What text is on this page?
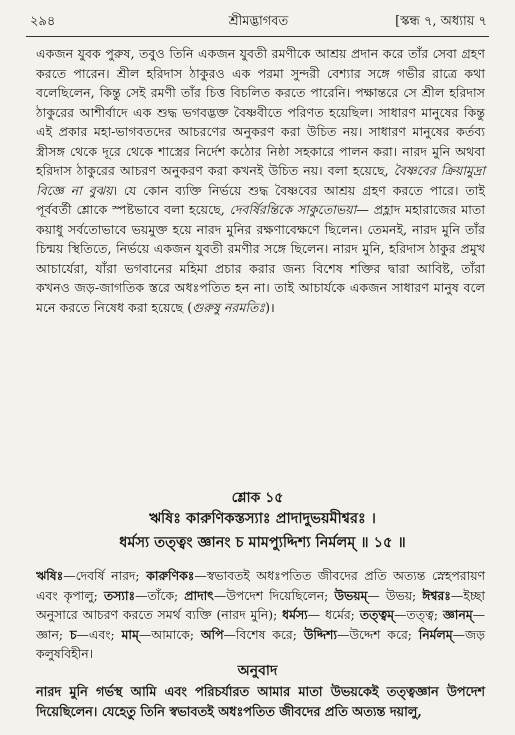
২৯৪	শ্রীমদ্ভাগবত	[স্কন্ধ ৭, অধ্যায় ৭

একজন যুবক পুরুষ, তবুও তিনি একজন যুবতী রমণীকে আশ্রয় প্রদান করে তাঁর সেবা গ্রহণ করতে পারেন। শ্রীল হরিদাস ঠাকুরও এক পরমা সুন্দরী বেশ্যার সঙ্গে গভীর রাত্রে কথা বলেছিলেন, কিন্তু সেই রমণী তাঁর চিত্ত বিচলিত করতে পারেনি। পক্ষান্তরে সে শ্রীল হরিদাস ঠাকুরের আশীর্বাদে এক শুদ্ধ ভগবদ্ভক্ত বৈষ্ণবীতে পরিণত হয়েছিল। সাধারণ মানুষের কিন্তু এই প্রকার মহা-ভাগবতদের আচরণের অনুকরণ করা উচিত নয়। সাধারণ মানুষের কর্তব্য স্ত্রীসঙ্গ থেকে দূরে থেকে শাস্ত্রের নির্দেশ কঠোর নিষ্ঠা সহকারে পালন করা। নারদ মুনি অথবা হরিদাস ঠাকুরের আচরণ অনুকরণ করা কখনই উচিত নয়। বলা হয়েছে, বৈষ্ণবের ক্রিয়ামুদ্রা বিজ্ঞে না বুঝয়। যে কোন ব্যক্তি নির্ভয়ে শুদ্ধ বৈষ্ণবের আশ্রয় গ্রহণ করতে পারে। তাই পূর্ববর্তী শ্লোকে স্পষ্টভাবে বলা হয়েছে, দেবর্ষিরন্তিকে সাকুতোভয়া— প্রহ্লাদ মহারাজের মাতা কয়াধু সর্বতোভাবে ভয়মুক্ত হয়ে নারদ মুনির রক্ষণাবেক্ষণে ছিলেন। তেমনই, নারদ মুনি তাঁর চিন্ময় স্থিতিতে, নির্ভয়ে একজন যুবতী রমণীর সঙ্গে ছিলেন। নারদ মুনি, হরিদাস ঠাকুর প্রমুখ আচার্যেরা, যাঁরা ভগবানের মহিমা প্রচার করার জন্য বিশেষ শক্তির দ্বারা আবিষ্ট, তাঁরা কখনও জড়-জাগতিক স্তরে অধঃপতিত হন না। তাই আচার্যকে একজন সাধারণ মানুষ বলে মনে করতে নিষেধ করা হয়েছে (গুরুষু নরমতিঃ)।

শ্লোক ১৫
ঋষিঃ কারুণিকস্তস্যাঃ প্রাদাদুভয়মীশ্বরঃ ।
ধর্মস্য তত্ত্বং জ্ঞানং চ মামপ্যুদ্দিশ্য নির্মলম্ ॥ ১৫ ॥

ঋষিঃ—দেবর্ষি নারদ; কারুণিকঃ—স্বভাবতই অধঃপতিত জীবদের প্রতি অত্যন্ত স্নেহপরায়ণ এবং কৃপালু; তস্যাঃ—তাঁকে; প্রাদাৎ—উপদেশ দিয়েছিলেন; উভয়ম্— উভয়; ঈশ্বরঃ—ইচ্ছা অনুসারে আচরণ করতে সমর্থ ব্যক্তি (নারদ মুনি); ধর্মস্য— ধর্মের; তত্ত্বম্—তত্ত্ব; জ্ঞানম্—জ্ঞান; চ—এবং; মাম্—আমাকে; অপি—বিশেষ করে; উদ্দিশ্য—উদ্দেশ করে; নির্মলম্—জড় কলুষবিহীন।

অনুবাদ

নারদ মুনি গর্ভস্থ আমি এবং পরিচর্যারত আমার মাতা উভয়কেই তত্ত্বজ্ঞান উপদেশ দিয়েছিলেন। যেহেতু তিনি স্বভাবতই অধঃপতিত জীবদের প্রতি অত্যন্ত দয়ালু,
